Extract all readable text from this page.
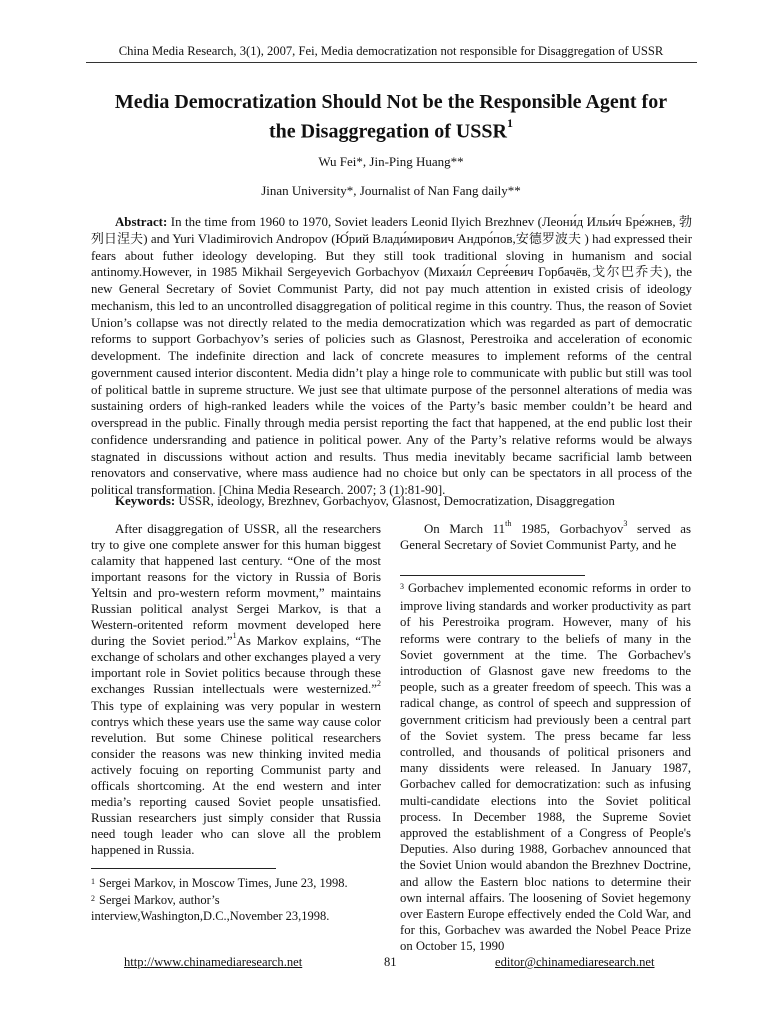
China Media Research, 3(1), 2007, Fei, Media democratization not responsible for Disaggregation of USSR
Media Democratization Should Not be the Responsible Agent for the Disaggregation of USSR$^1$
Wu Fei*, Jin-Ping Huang**
Jinan University*, Journalist of Nan Fang daily**
Abstract: In the time from 1960 to 1970, Soviet leaders Leonid Ilyich Brezhnev (Леони́д Ильи́ч Бре́жнев, 勃列日涅夫) and Yuri Vladimirovich Andropov (Ю́рий Влади́мирович Андро́пов,安德罗波夫 ) had expressed their fears about futher ideology developing. But they still took traditional sloving in humanism and social antinomy.However, in 1985 Mikhail Sergeyevich Gorbachyov (Михаи́л Серге́евич Горбачёв,戈尔巴乔夫), the new General Secretary of Soviet Communist Party, did not pay much attention in existed crisis of ideology mechanism, this led to an uncontrolled disaggregation of political regime in this country. Thus, the reason of Soviet Union’s collapse was not directly related to the media democratization which was regarded as part of democratic reforms to support Gorbachyov’s series of policies such as Glasnost, Perestroika and acceleration of economic development. The indefinite direction and lack of concrete measures to implement reforms of the central government caused interior discontent. Media didn’t play a hinge role to communicate with public but still was tool of political battle in supreme structure. We just see that ultimate purpose of the personnel alterations of media was sustaining orders of high-ranked leaders while the voices of the Party’s basic member couldn’t be heard and overspread in the public. Finally through media persist reporting the fact that happened, at the end public lost their confidence undersranding and patience in political power. Any of the Party’s relative reforms would be always stagnated in discussions without action and results. Thus media inevitably became sacrificial lamb between renovators and conservative, where mass audience had no choice but only can be spectators in all process of the political transformation. [China Media Research. 2007; 3 (1):81-90].
Keywords: USSR, ideology, Brezhnev, Gorbachyov, Glasnost, Democratization, Disaggregation
After disaggregation of USSR, all the researchers try to give one complete answer for this human biggest calamity that happened last century. “One of the most important reasons for the victory in Russia of Boris Yeltsin and pro-western reform movment,” maintains Russian political analyst Sergei Markov, is that a Western-oritented reform movment developed here during the Soviet period.”$^1$As Markov explains, “The exchange of scholars and other exchanges played a very important role in Soviet politics because through these exchanges Russian intellectuals were westernized.”$^2$ This type of explaining was very popular in western contrys which these years use the same way cause color revelution. But some Chinese political researchers consider the reasons was new thinking invited media actively focuing on reporting Communist party and officals shortcoming. At the end western and inter media’s reporting caused Soviet people unsatisfied. Russian researchers just simply consider that Russia need tough leader who can slove all the problem happened in Russia.
On March 11th 1985, Gorbachyov$^3$ served as General Secretary of Soviet Communist Party, and he
$^3$ Gorbachev implemented economic reforms in order to improve living standards and worker productivity as part of his Perestroika program. However, many of his reforms were contrary to the beliefs of many in the Soviet government at the time. The Gorbachev's introduction of Glasnost gave new freedoms to the people, such as a greater freedom of speech. This was a radical change, as control of speech and suppression of government criticism had previously been a central part of the Soviet system. The press became far less controlled, and thousands of political prisoners and many dissidents were released. In January 1987, Gorbachev called for democratization: such as infusing multi-candidate elections into the Soviet political process. In December 1988, the Supreme Soviet approved the establishment of a Congress of People's Deputies. Also during 1988, Gorbachev announced that the Soviet Union would abandon the Brezhnev Doctrine, and allow the Eastern bloc nations to determine their own internal affairs. The loosening of Soviet hegemony over Eastern Europe effectively ended the Cold War, and for this, Gorbachev was awarded the Nobel Peace Prize on October 15, 1990
$^1$ Sergei Markov, in Moscow Times, June 23, 1998.
$^2$ Sergei Markov, author’s interview,Washington,D.C.,November 23,1998.
http://www.chinamediaresearch.net	81	editor@chinamediaresearch.net
